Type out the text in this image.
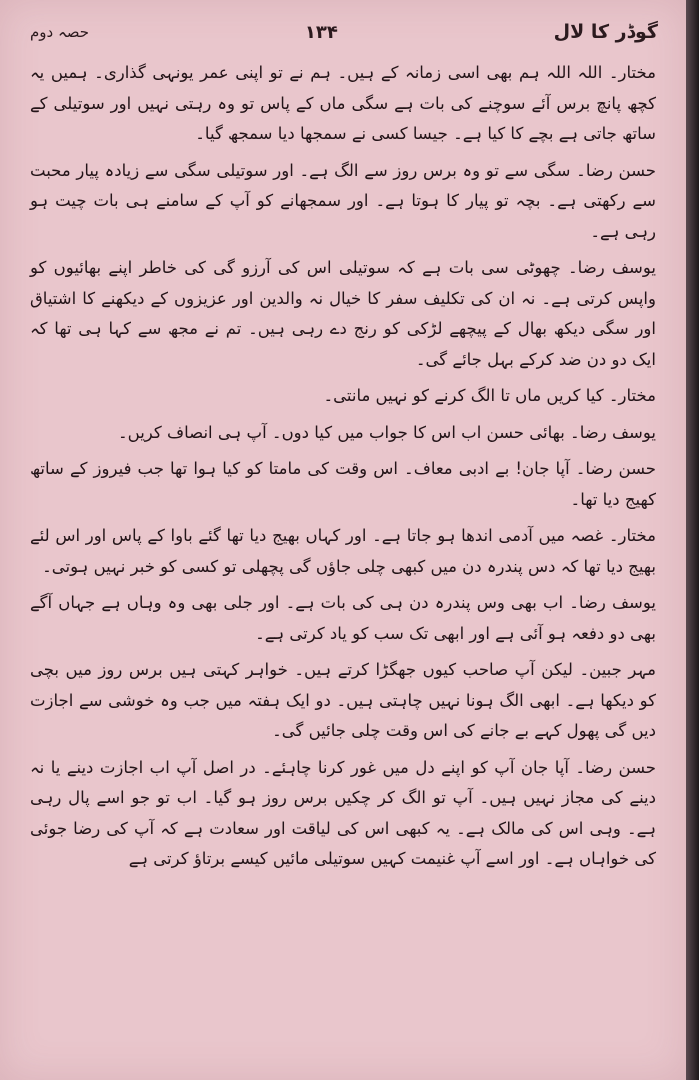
گوڈر کا لال
۱۳۴
حصہ دوم

مختار۔ اللہ اللہ ہم بھی اسی زمانہ کے ہیں۔ ہم نے تو اپنی عمر یونہی گذاری۔ ہمیں یہ کچھ پانچ برس آئے سوچنے کی بات ہے سگی ماں کے پاس تو وہ رہتی نہیں اور سوتیلی کے ساتھ جاتی ہے بچے کا کیا ہے۔ جیسا کسی نے سمجھا دیا سمجھ گیا۔

حسن رضا۔ سگی سے تو وہ برس روز سے الگ ہے۔ اور سوتیلی سگی سے زیادہ پیار محبت سے رکھتی ہے۔ بچہ تو پیار کا ہوتا ہے۔ اور سمجھانے کو آپ کے سامنے ہی بات چیت ہو رہی ہے۔

یوسف رضا۔ چھوٹی سی بات ہے کہ سوتیلی اس کی آرزو گی کی خاطر اپنے بھائیوں کو واپس کرتی ہے۔ نہ ان کی تکلیف سفر کا خیال نہ والدین اور عزیزوں کے دیکھنے کا اشتیاق اور سگی دیکھ بھال کے پیچھے لڑکی کو رنج دے رہی ہیں۔ تم نے مجھ سے کہا ہی تھا کہ ایک دو دن ضد کرکے بہل جائے گی۔

مختار۔ کیا کریں ماں تا الگ کرنے کو نہیں مانتی۔

یوسف رضا۔ بھائی حسن اب اس کا جواب میں کیا دوں۔ آپ ہی انصاف کریں۔

حسن رضا۔ آپا جان! بے ادبی معاف۔ اس وقت کی مامتا کو کیا ہوا تھا جب فیروز کے ساتھ کھیج دیا تھا۔

مختار۔ غصہ میں آدمی اندھا ہو جاتا ہے۔ اور کہاں بھیج دیا تھا گئے باوا کے پاس اور اس لئے بھیج دیا تھا کہ دس پندرہ دن میں کبھی چلی جاؤں گی پچھلی تو کسی کو خبر نہیں ہوتی۔

یوسف رضا۔ اب بھی وس پندرہ دن ہی کی بات ہے۔ اور جلی بھی وہ وہاں ہے جہاں آگے بھی دو دفعہ ہو آئی ہے اور ابھی تک سب کو یاد کرتی ہے۔

مہر جبین۔ لیکن آپ صاحب کیوں جھگڑا کرتے ہیں۔ خواہر کہتی ہیں برس روز میں بچی کو دیکھا ہے۔ ابھی الگ ہونا نہیں چاہتی ہیں۔ دو ایک ہفتہ میں جب وہ خوشی سے اجازت دیں گی پھول کہے بے جانے کی اس وقت چلی جائیں گی۔

حسن رضا۔ آپا جان آپ کو اپنے دل میں غور کرنا چاہئے۔ در اصل آپ اب اجازت دینے یا نہ دینے کی مجاز نہیں ہیں۔ آپ تو الگ کر چکیں برس روز ہو گیا۔ اب تو جو اسے پال رہی ہے۔ وہی اس کی مالک ہے۔ یہ کبھی اس کی لیاقت اور سعادت ہے کہ آپ کی رضا جوئی کی خواہاں ہے۔ اور اسے آپ غنیمت کہیں سوتیلی مائیں کیسے برتاؤ کرتی ہے
